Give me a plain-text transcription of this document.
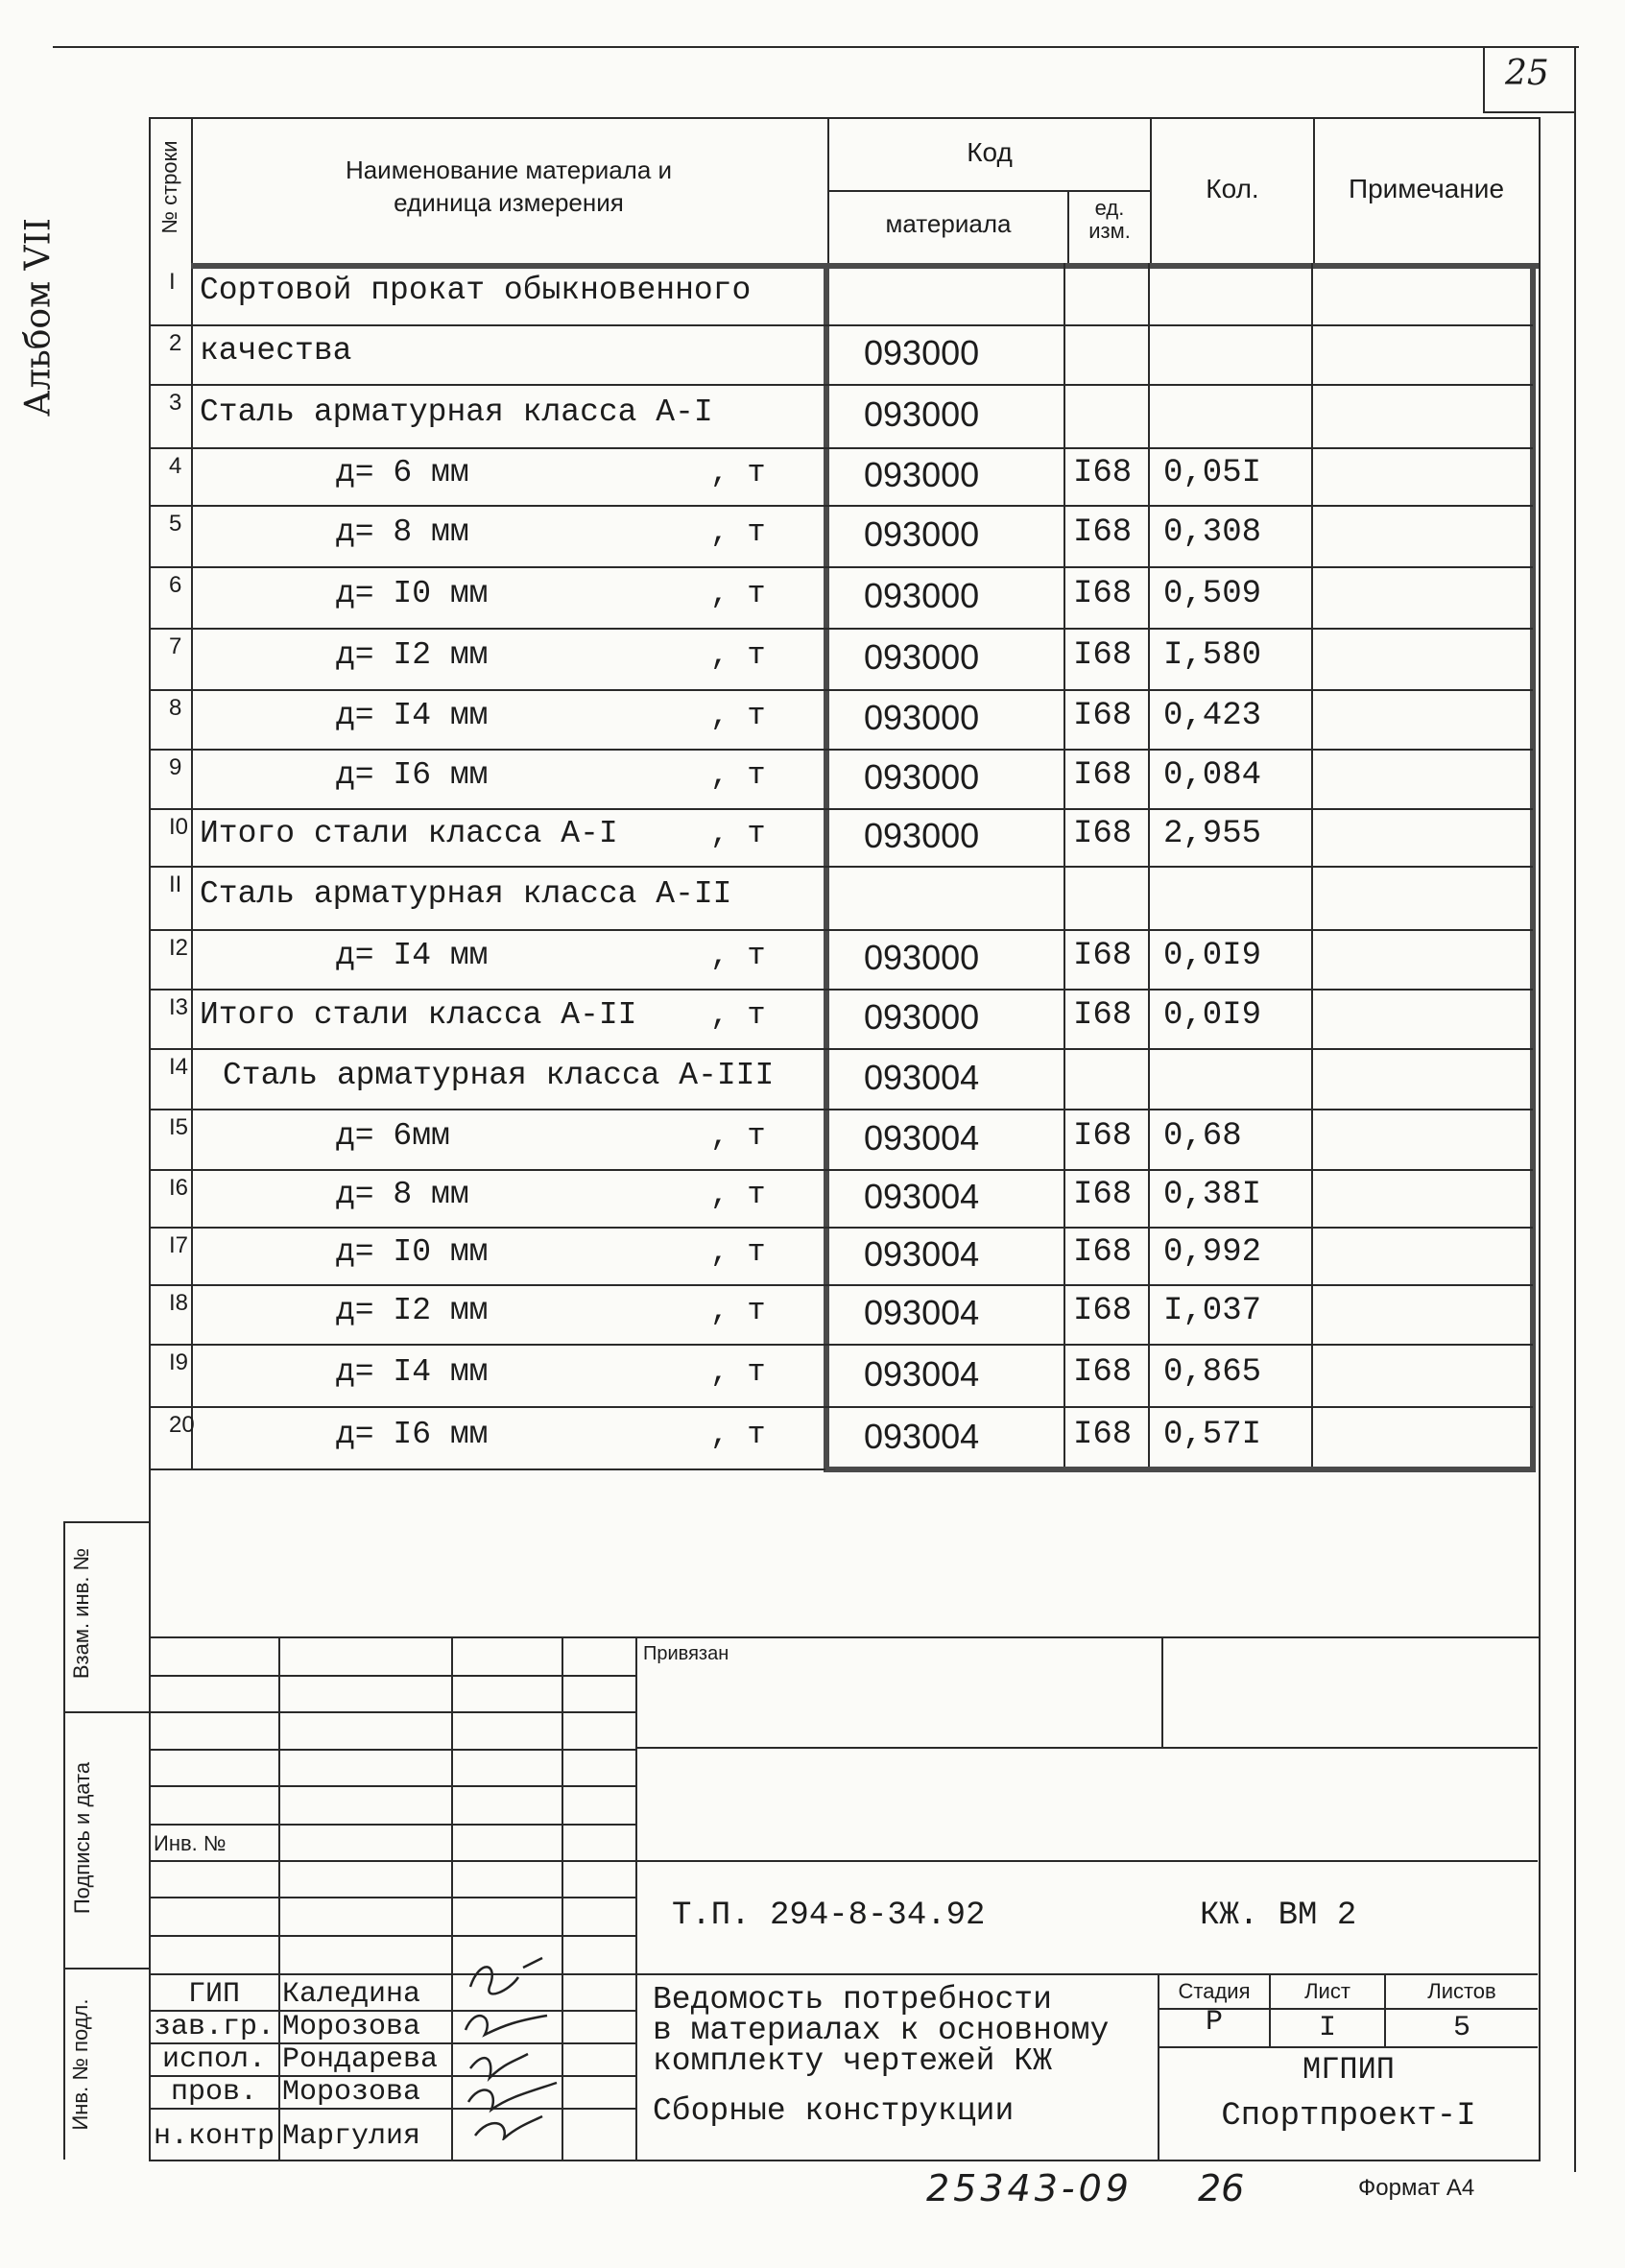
25
Альбом VII
№ строки	Наименование материала и
единица измерения
Код
материала
ед.
изм.
Кол.	Примечание
I Сортовой прокат обыкновенного
2 качества	093000
3 Сталь арматурная класса А-I	093000
4	д= 6 мм	, т	093000	I68 0,05I
5	д= 8 мм	, т	093000	I68 0,308
6	д= I0 мм	, т	093000	I68 0,509
7	д= I2 мм	, т	093000	I68 I,580
8	д= I4 мм	, т	093000	I68 0,423
9	д= I6 мм	, т	093000	I68 0,084
I0 Итого стали класса А-I	, т	093000	I68 2,955
II Сталь арматурная класса А-II
I2	д= I4 мм	, т	093000	I68 0,0I9
I3 Итого стали класса А-II , т	093000	I68 0,0I9
I4 Сталь арматурная класса А-III	093004
I5	д= 6мм	, т	093004	I68 0,68
I6	д= 8 мм	, т	093004	I68 0,38I
I7	д= I0 мм	, т	093004	I68 0,992
I8	д= I2 мм	, т	093004	I68 I,037
I9	д= I4 мм	, т	093004	I68 0,865
20	д= I6 мм	, т	093004	I68 0,57I
Взам. инв. №
Подпись и дата
Инв. № подл.
Привязан
Инв. №
Т.П. 294-8-34.92	КЖ. ВМ 2
Ведомость потребности
в материалах к основному
комплекту чертежей КЖ
Сборные конструкции
Стадия	Лист	Листов
Р	I	5
МГПИП
Спортпроект-I
ГИП	Каледина
зав.гр. Морозова
испол. Рондарева
пров. Морозова
н.контр Маргулия
25343-09 26	Формат А4
